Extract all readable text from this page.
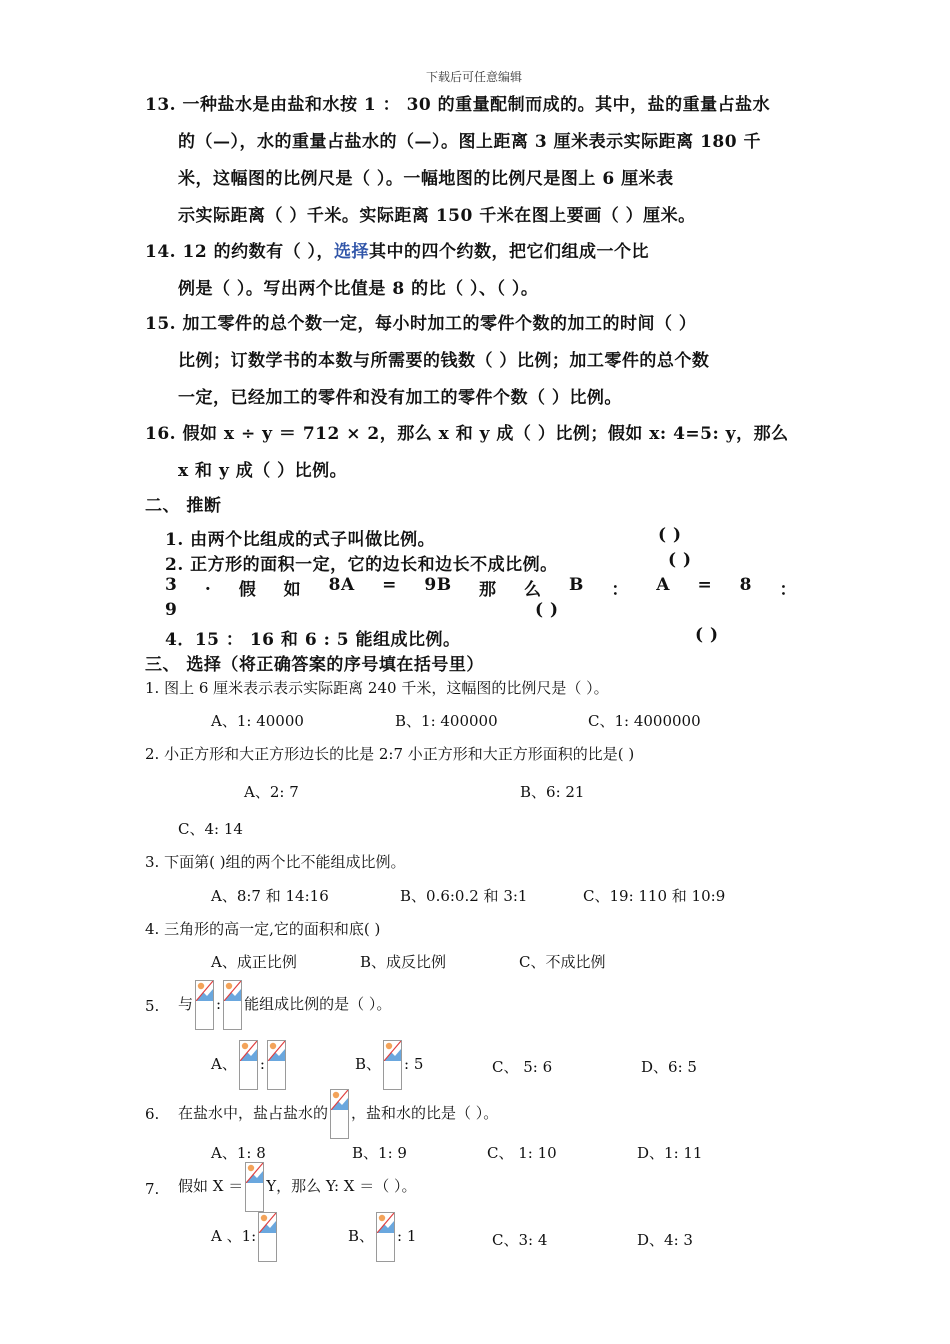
下载后可任意编辑
13. 一种盐水是由盐和水按 1 ： 30 的重量配制而成的。其中，盐的重量占盐水
的（—），水的重量占盐水的（—）。图上距离 3 厘米表示实际距离 180 千
米，这幅图的比例尺是（ ）。一幅地图的比例尺是图上 6 厘米表
示实际距离（ ）千米。实际距离 150 千米在图上要画（ ）厘米。
14. 12 的约数有（ ），选择其中的四个约数，把它们组成一个比
例是（ ）。写出两个比值是 8 的比（ ）、（ ）。
15. 加工零件的总个数一定，每小时加工的零件个数的加工的时间（ ）
比例；订数学书的本数与所需要的钱数（ ）比例；加工零件的总个数
一定，已经加工的零件和没有加工的零件个数（ ）比例。
16. 假如 x ÷ y ＝ 712 × 2，那么 x 和 y 成（ ）比例；假如 x: 4=5: y，那么
x 和 y 成（ ）比例。
二、 推断
1. 由两个比组成的式子叫做比例。	( )
2. 正方形的面积一定，它的边长和边长不成比例。	( )
3 . 假 如 8A = 9B 那 么 B ： A = 8 ：
9	( )
4．15 ： 16 和 6 : 5 能组成比例。	( )
三、 选择（将正确答案的序号填在括号里）
1. 图上 6 厘米表示表示实际距离 240 千米，这幅图的比例尺是（ ）。
A、1: 40000	B、1: 400000	C、1: 4000000
2. 小正方形和大正方形边长的比是 2:7 小正方形和大正方形面积的比是( )
A、2: 7	B、6: 21
C、4: 14
3. 下面第( )组的两个比不能组成比例。
A、8:7 和 14:16	B、0.6:0.2 和 3:1	C、19: 110 和 10:9
4. 三角形的高一定,它的面积和底( )
A、成正比例	B、成反比例	C、不成比例
5. 与 : 能组成比例的是（ ）。
A、 :	B、 : 5	C、 5: 6	D、6: 5
6. 在盐水中，盐占盐水的 ，盐和水的比是（ ）。
A、1: 8	B、1: 9	C、 1: 10	D、1: 11
7. 假如 X ＝ Y，那么 Y: X ＝（ ）。
A 、1:	B、 : 1	C、3: 4	D、4: 3
